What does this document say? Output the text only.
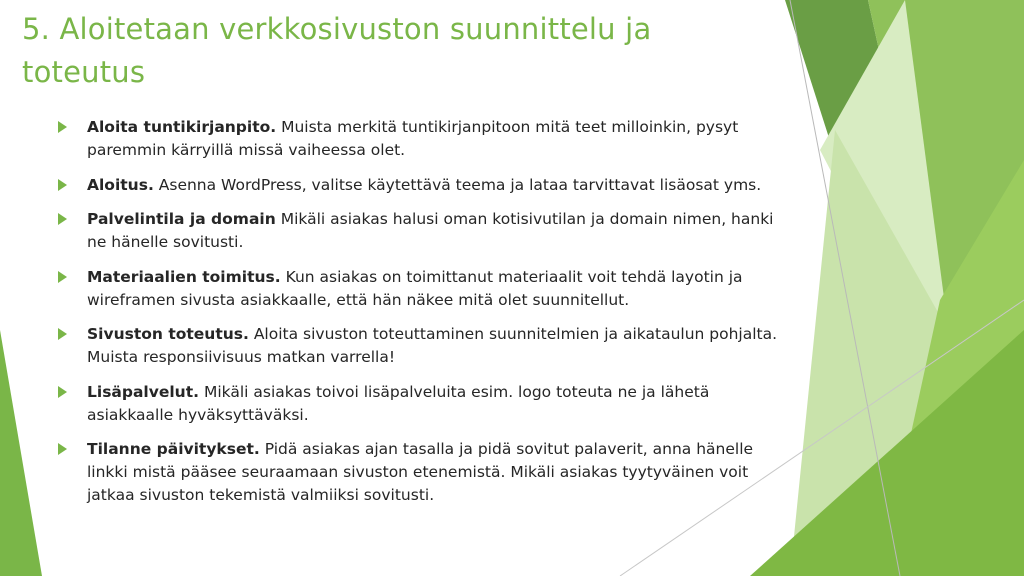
5. Aloitetaan verkkosivuston suunnittelu ja toteutus
Aloita tuntikirjanpito. Muista merkitä tuntikirjanpitoon mitä teet milloinkin, pysyt paremmin kärryillä missä vaiheessa olet.
Aloitus. Asenna WordPress, valitse käytettävä teema ja lataa tarvittavat lisäosat yms.
Palvelintila ja domain Mikäli asiakas halusi oman kotisivutilan ja domain nimen, hanki ne hänelle sovitusti.
Materiaalien toimitus. Kun asiakas on toimittanut materiaalit voit tehdä layotin ja wireframen sivusta asiakkaalle, että hän näkee mitä olet suunnitellut.
Sivuston toteutus. Aloita sivuston toteuttaminen suunnitelmien ja aikataulun pohjalta. Muista responsiivisuus matkan varrella!
Lisäpalvelut. Mikäli asiakas toivoi lisäpalveluita esim. logo toteuta ne ja lähetä asiakkaalle hyväksyttäväksi.
Tilanne päivitykset. Pidä asiakas ajan tasalla ja pidä sovitut palaverit, anna hänelle linkki mistä pääsee seuraamaan sivuston etenemistä. Mikäli asiakas tyytyväinen voit jatkaa sivuston tekemistä valmiiksi sovitusti.
